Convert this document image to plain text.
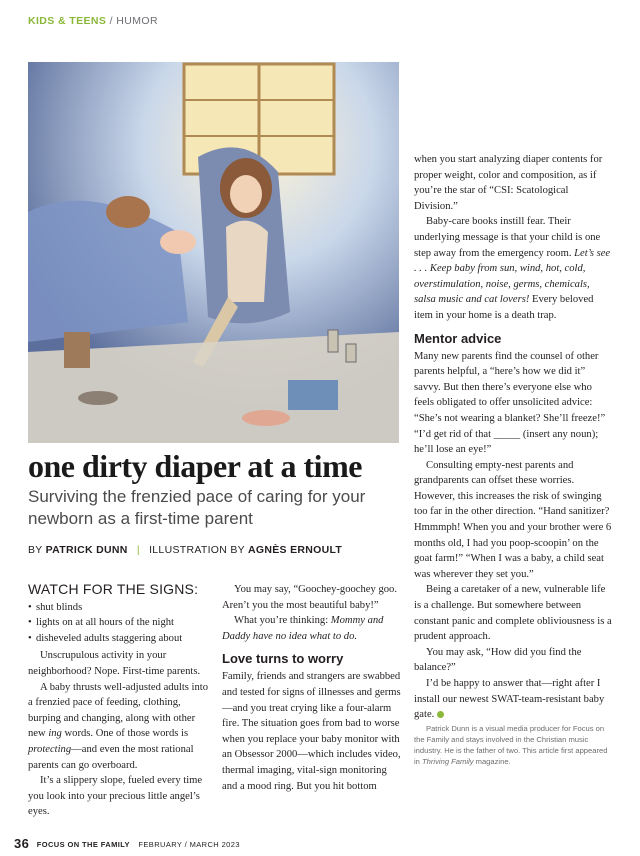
KIDS & TEENS / HUMOR
one dirty diaper at a time
Surviving the frenzied pace of caring for your newborn as a first-time parent
BY PATRICK DUNN | ILLUSTRATION BY AGNÈS ERNOULT
WATCH FOR THE SIGNS:
• shut blinds
• lights on at all hours of the night
• disheveled adults staggering about

Unscrupulous activity in your neighborhood? Nope. First-time parents.

A baby thrusts well-adjusted adults into a frenzied pace of feeding, clothing, burping and changing, along with other new ing words. One of those words is protecting—and even the most rational parents can go overboard.

It’s a slippery slope, fueled every time you look into your precious little angel’s eyes.

You may say, “Goochey-goochey goo. Aren’t you the most beautiful baby!”

What you’re thinking: Mommy and Daddy have no idea what to do.

Love turns to worry

Family, friends and strangers are swabbed and tested for signs of illnesses and germs—and you treat crying like a four-alarm fire. The situation goes from bad to worse when you replace your baby monitor with an Obsessor 2000—which includes video, thermal imaging, vital-sign monitoring and a mood ring. But you hit bottom

when you start analyzing diaper contents for proper weight, color and composition, as if you’re the star of “CSI: Scatological Division.”

Baby-care books instill fear. Their underlying message is that your child is one step away from the emergency room. Let’s see . . . Keep baby from sun, wind, hot, cold, overstimulation, noise, germs, chemicals, salsa music and cat lovers! Every beloved item in your home is a death trap.

Mentor advice

Many new parents find the counsel of other parents helpful, a “here’s how we did it” savvy. But then there’s everyone else who feels obligated to offer unsolicited advice: “She’s not wearing a blanket? She’ll freeze!” “I’d get rid of that _____ (insert any noun); he’ll lose an eye!”

Consulting empty-nest parents and grandparents can offset these worries. However, this increases the risk of swinging too far in the other direction. “Hand sanitizer? Hmmmph! When you and your brother were 6 months old, I had you poop-scoopin’ on the goat farm!” “When I was a baby, a child seat was wherever they set you.”

Being a caretaker of a new, vulnerable life is a challenge. But somewhere between constant panic and complete obliviousness is a prudent approach.

You may ask, “How did you find the balance?”

I’d be happy to answer that—right after I install our newest SWAT-team-resistant baby gate.

Patrick Dunn is a visual media producer for Focus on the Family and stays involved in the Christian music industry. He is the father of two. This article first appeared in Thriving Family magazine.

36 FOCUS ON THE FAMILY FEBRUARY / MARCH 2023
